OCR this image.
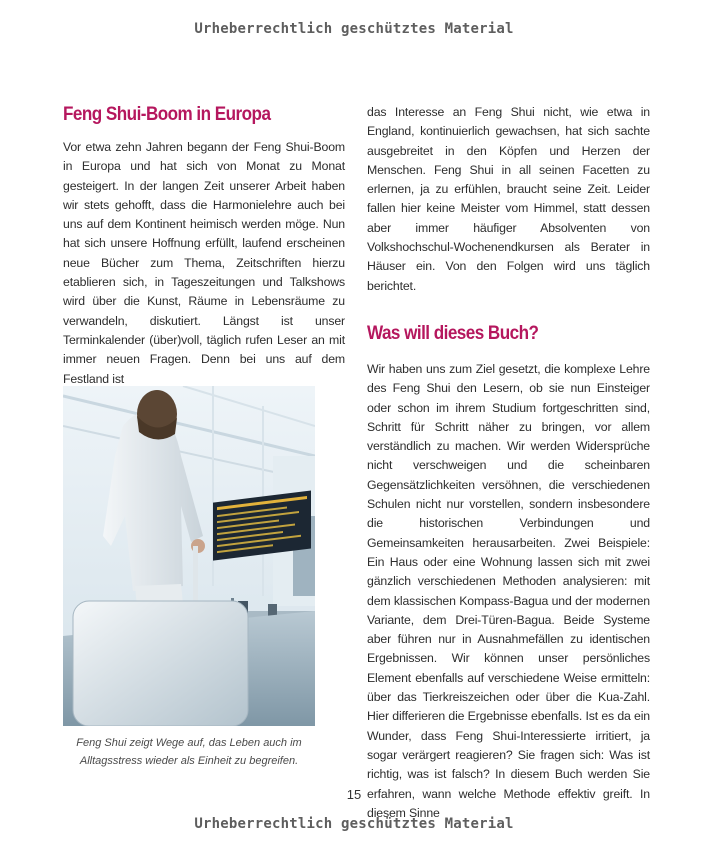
Urheberrechtlich geschütztes Material
Feng Shui-Boom in Europa

Vor etwa zehn Jahren begann der Feng Shui-Boom in Europa und hat sich von Monat zu Monat gesteigert. In der langen Zeit unserer Arbeit haben wir stets gehofft, dass die Harmonielehre auch bei uns auf dem Kontinent heimisch werden möge. Nun hat sich unsere Hoffnung erfüllt, laufend erscheinen neue Bücher zum Thema, Zeitschriften hierzu etablieren sich, in Tageszeitungen und Talkshows wird über die Kunst, Räume in Lebensräume zu verwandeln, diskutiert. Längst ist unser Terminkalender (über)voll, täglich rufen Leser an mit immer neuen Fragen. Denn bei uns auf dem Festland ist

Feng Shui zeigt Wege auf, das Leben auch im Alltagsstress wieder als Einheit zu begreifen.

das Interesse an Feng Shui nicht, wie etwa in England, kontinuierlich gewachsen, hat sich sachte ausgebreitet in den Köpfen und Herzen der Menschen. Feng Shui in all seinen Facetten zu erlernen, ja zu erfühlen, braucht seine Zeit. Leider fallen hier keine Meister vom Himmel, statt dessen aber immer häufiger Absolventen von Volkshochschul-Wochenendkursen als Berater in Häuser ein. Von den Folgen wird uns täglich berichtet.

Was will dieses Buch?

Wir haben uns zum Ziel gesetzt, die komplexe Lehre des Feng Shui den Lesern, ob sie nun Einsteiger oder schon im ihrem Studium fortgeschritten sind, Schritt für Schritt näher zu bringen, vor allem verständlich zu machen. Wir werden Widersprüche nicht verschweigen und die scheinbaren Gegensätzlichkeiten versöhnen, die verschiedenen Schulen nicht nur vorstellen, sondern insbesondere die historischen Verbindungen und Gemeinsamkeiten herausarbeiten. Zwei Beispiele: Ein Haus oder eine Wohnung lassen sich mit zwei gänzlich verschiedenen Methoden analysieren: mit dem klassischen Kompass-Bagua und der modernen Variante, dem Drei-Türen-Bagua. Beide Systeme aber führen nur in Ausnahmefällen zu identischen Ergebnissen. Wir können unser persönliches Element ebenfalls auf verschiedene Weise ermitteln: über das Tierkreiszeichen oder über die Kua-Zahl. Hier differieren die Ergebnisse ebenfalls. Ist es da ein Wunder, dass Feng Shui-Interessierte irritiert, ja sogar verärgert reagieren? Sie fragen sich: Was ist richtig, was ist falsch? In diesem Buch werden Sie erfahren, wann welche Methode effektiv greift. In diesem Sinne

15
Urheberrechtlich geschütztes Material
